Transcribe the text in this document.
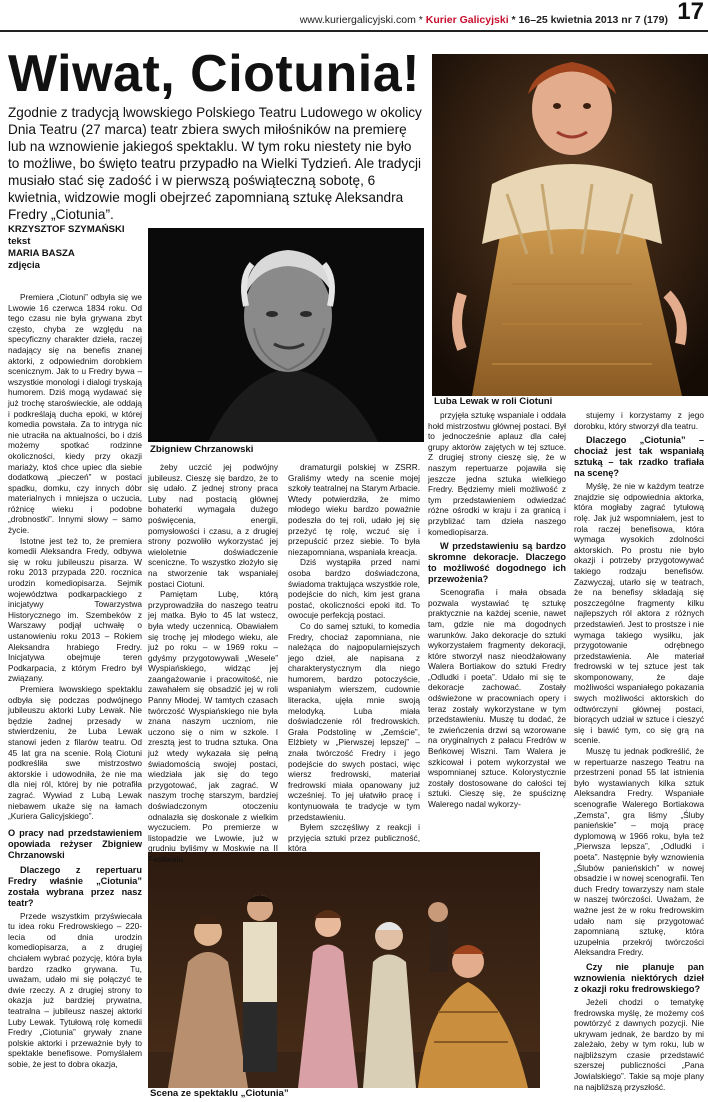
www.kuriergalicyjski.com * Kurier Galicyjski * 16–25 kwietnia 2013 nr 7 (179) 17
Wiwat, Ciotunia!

Zgodnie z tradycją lwowskiego Polskiego Teatru Ludowego w okolicy Dnia Teatru (27 marca) teatr zbiera swych miłośników na premierę lub na wznowienie jakiegoś spektaklu. W tym roku niestety nie było to możliwe, bo święto teatru przypadło na Wielki Tydzień. Ale tradycji musiało stać się zadość i w pierwszą poświąteczną sobotę, 6 kwietnia, widzowie mogli obejrzeć zapomnianą sztukę Aleksandra Fredry „Ciotunia”.

KRZYSZTOF SZYMAŃSKI
tekst
MARIA BASZA
zdjęcia
Luba Lewak w roli Ciotuni
Zbigniew Chrzanowski
Scena ze spektaklu „Ciotunia”

Premiera „Ciotuni” odbyła się we Lwowie 16 czerwca 1834 roku. Od tego czasu nie była grywana zbyt często, chyba ze względu na specyficzny charakter dzieła, raczej nadający się na benefis znanej aktorki, z odpowiednim dorobkiem scenicznym. Jak to u Fredry bywa – wszystkie monologi i dialogi tryskają humorem. Dziś mogą wydawać się już trochę staroświeckie, ale oddają i podkreślają ducha epoki, w której komedia powstała. Za to intryga nic nie utraciła na aktualności, bo i dziś możemy spotkać rodzinne okoliczności, kiedy przy okazji mariaży, ktoś chce upiec dla siebie dodatkową „pieczeń” w postaci spadku, domku, czy innych dóbr materialnych i mniejsza o uczucia, różnicę wieku i podobne „drobnostki”. Innymi słowy – samo życie.

Istotne jest też to, że premiera komedii Aleksandra Fredy, odbywa się w roku jubileuszu pisarza. W roku 2013 przypada 220. rocznica urodzin komediopisarza. Sejmik województwa podkarpackiego z inicjatywy Towarzystwa Historycznego im. Szembeków z Warszawy podjął uchwałę o ustanowieniu roku 2013 – Rokiem Aleksandra hrabiego Fredry. Inicjatywa obejmuje teren Podkarpacia, z którym Fredro był związany.

Premiera lwowskiego spektaklu odbyła się podczas podwójnego jubileuszu aktorki Luby Lewak. Nie będzie żadnej przesady w stwierdzeniu, że Luba Lewak stanowi jeden z filarów teatru. Od 45 lat gra na scenie. Rolą Ciotuni podkreśliła swe mistrzostwo aktorskie i udowodniła, że nie ma dla niej ról, której by nie potrafiła zagrać. Wywiad z Lubą Lewak niebawem ukaże się na łamach „Kuriera Galicyjskiego”.

O pracy nad przedstawieniem opowiada reżyser Zbigniew Chrzanowski

Dlaczego z repertuaru Fredry właśnie „Ciotunia” została wybrana przez nasz teatr?

Przede wszystkim przyświecała tu idea roku Fredrowskiego – 220-lecia od dnia urodzin komediopisarza, a z drugiej chciałem wybrać pozycję, która była bardzo rzadko grywana. Tu, uważam, udało mi się połączyć te dwie rzeczy. A z drugiej strony to okazja już bardziej prywatna, teatralna – jubileusz naszej aktorki Luby Lewak. Tytułową rolę komedii Fredry „Ciotunia” grywały znane polskie aktorki i przeważnie były to spektakle benefisowe. Pomyślałem sobie, że jest to dobra okazja,

żeby uczcić jej podwójny jubileusz. Cieszę się bardzo, że to się udało. Z jednej strony praca Luby nad postacią głównej bohaterki wymagała dużego poświęcenia, energii, pomysłowości i czasu, a z drugiej strony pozwoliło wykorzystać jej wieloletnie doświadczenie sceniczne. To wszystko złożyło się na stworzenie tak wspaniałej postaci Ciotuni.

Pamiętam Lubę, którą przyprowadziła do naszego teatru jej matka. Było to 45 lat wstecz, była wtedy uczennicą. Obawiałem się trochę jej młodego wieku, ale już po roku – w 1969 roku – gdyśmy przygotowywali „Wesele” Wyspiańskiego, widząc jej zaangażowanie i pracowitość, nie zawahałem się obsadzić jej w roli Panny Młodej. W tamtych czasach twórczość Wyspiańskiego nie była znana naszym uczniom, nie uczono się o nim w szkole. I zresztą jest to trudna sztuka. Ona już wtedy wykazała się pełną świadomością swojej postaci, wiedziała jak się do tego przygotować, jak zagrać. W naszym trochę starszym, bardziej doświadczonym otoczeniu odnalazła się doskonale z wielkim wyczuciem. Po premierze w listopadzie we Lwowie, już w grudniu byliśmy w Moskwie na II Festiwalu

dramaturgii polskiej w ZSRR. Graliśmy wtedy na scenie mojej szkoły teatralnej na Starym Arbacie. Wtedy potwierdziła, że mimo młodego wieku bardzo poważnie podeszła do tej roli, udało jej się przeżyć tę rolę, wczuć się i przepuścić przez siebie. To była niezapomniana, wspaniała kreacja.

Dziś wystąpiła przed nami osoba bardzo doświadczona, świadoma traktująca wszystkie role, podejście do nich, kim jest grana postać, okoliczności epoki itd. To owocuje perfekcją postaci.

Co do samej sztuki, to komedia Fredry, chociaż zapomniana, nie należąca do najpopularniejszych jego dzieł, ale napisana z charakterystycznym dla niego humorem, bardzo potoczyście, wspaniałym wierszem, cudownie literacka, ujęła mnie swoją melodyką. Luba miała doświadczenie ról fredrowskich. Grała Podstolinę w „Zemście”, Elżbiety w „Pierwszej lepszej” – znała twórczość Fredry i jego podejście do swych postaci, więc wiersz fredrowski, materiał fredrowski miała opanowany już wcześniej. To jej ułatwiło pracę i kontynuowała te tradycje w tym przedstawieniu.

Byłem szczęśliwy z reakcji i przyjęcia sztuki przez publiczność, która

przyjęła sztukę wspaniale i oddała hołd mistrzostwu głównej postaci. Był to jednocześnie aplauz dla całej grupy aktorów zajętych w tej sztuce. Z drugiej strony cieszę się, że w naszym repertuarze pojawiła się jeszcze jedna sztuka wielkiego Fredry. Będziemy mieli możliwość z tym przedstawieniem odwiedzać różne ośrodki w kraju i za granicą i przybliżać tam dzieła naszego komediopisarza.

W przedstawieniu są bardzo skromne dekoracje. Dlaczego to możliwość dogodnego ich przewożenia?

Scenografia i mała obsada pozwala wystawiać tę sztukę praktycznie na każdej scenie, nawet tam, gdzie nie ma dogodnych warunków. Jako dekoracje do sztuki wykorzystałem fragmenty dekoracji, które stworzył nasz nieodżałowany Walera Bortiakow do sztuki Fredry „Odludki i poeta”. Udało mi się te dekoracje zachować. Zostały odświeżone w pracowniach opery i teraz zostały wykorzystane w tym przedstawieniu. Muszę tu dodać, że te zwieńczenia drzwi są wzorowane na oryginalnych z pałacu Fredrów w Beńkowej Wiszni. Tam Walera je szkicował i potem wykorzystał we wspomnianej sztuce. Kolorystycznie zostały dostosowane do całości tej sztuki. Cieszę się, że spuściznę Walerego nadal wykorzy-

stujemy i korzystamy z jego dorobku, który stworzył dla teatru.

Dlaczego „Ciotunia” – chociaż jest tak wspaniałą sztuką – tak rzadko trafiała na scenę?

Myślę, że nie w każdym teatrze znajdzie się odpowiednia aktorka, która mogłaby zagrać tytułową rolę. Jak już wspomniałem, jest to rola raczej benefisowa, która wymaga wysokich zdolności aktorskich. Po prostu nie było okazji i potrzeby przygotowywać takiego rodzaju benefisów. Zazwyczaj, utarło się w teatrach, że na benefisy składają się poszczególne fragmenty kilku najlepszych ról aktora z różnych przedstawień. Jest to prostsze i nie wymaga takiego wysiłku, jak przygotowanie odrębnego przedstawienia. Ale materiał fredrowski w tej sztuce jest tak skomponowany, że daje możliwości wspaniałego pokazania swych możliwości aktorskich do odtwórczyni głównej postaci, biorących udział w sztuce i cieszyć się i bawić tym, co się grą na scenie.

Muszę tu jednak podkreślić, że w repertuarze naszego Teatru na przestrzeni ponad 55 lat istnienia było wystawianych kilka sztuk Aleksandra Fredry. Wspaniałe scenografie Walerego Bortiakowa „Zemsta”, gra liśmy „Śluby panieńskie” – moją pracę dyplomową w 1966 roku, była też „Pierwsza lepsza”, „Odludki i poeta”. Następnie były wznowienia „Ślubów panieńskich” w nowej obsadzie i w nowej scenografii. Ten duch Fredry towarzyszy nam stale w naszej twórczości. Uważam, że ważne jest że w roku fredrowskim udało nam się przygotować zapomnianą sztukę, która uzupełnia przekrój twórczości Aleksandra Fredry.

Czy nie planuje pan wznowienia niektórych dzieł z okazji roku fredrowskiego?

Jeżeli chodzi o tematykę fredrowska myślę, że możemy coś powtórzyć z dawnych pozycji. Nie ukrywam jednak, że bardzo by mi zależało, żeby w tym roku, lub w najbliższym czasie przedstawić szerszej publiczności „Pana Jowialskiego”. Takie są moje plany na najbliższą przyszłość.
